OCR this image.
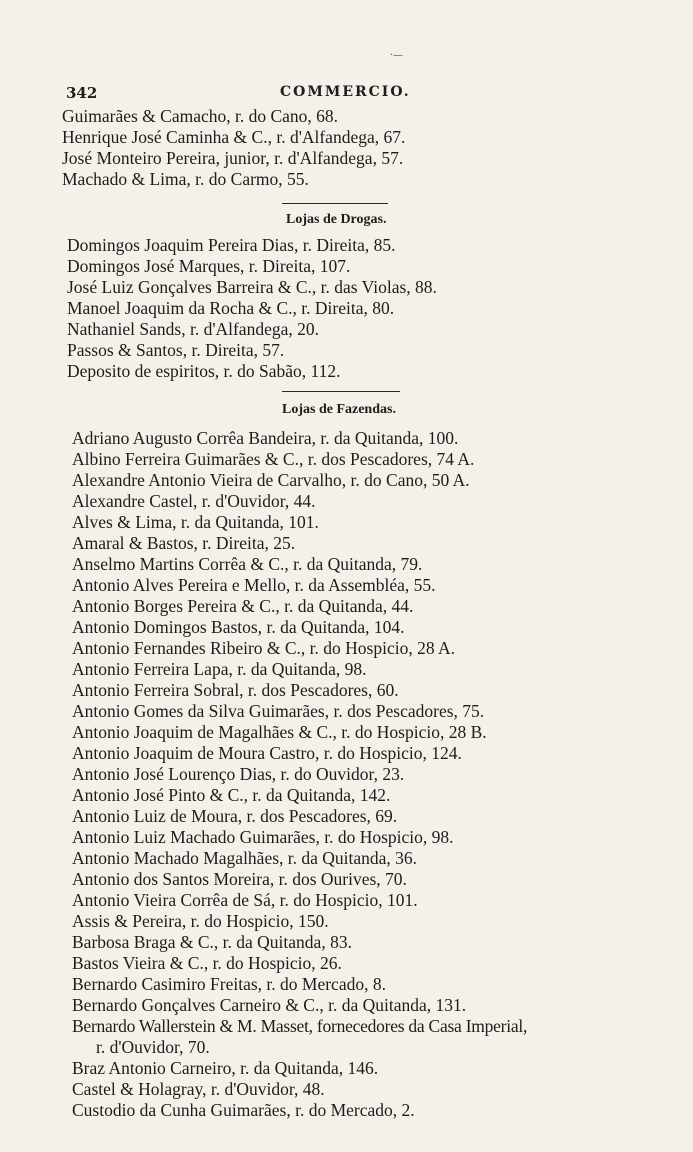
·—
342	COMMERCIO.
Guimarães & Camacho, r. do Cano, 68.
Henrique José Caminha & C., r. d'Alfandega, 67.
José Monteiro Pereira, junior, r. d'Alfandega, 57.
Machado & Lima, r. do Carmo, 55.
Lojas de Drogas.
Domingos Joaquim Pereira Dias, r. Direita, 85.
Domingos José Marques, r. Direita, 107.
José Luiz Gonçalves Barreira & C., r. das Violas, 88.
Manoel Joaquim da Rocha & C., r. Direita, 80.
Nathaniel Sands, r. d'Alfandega, 20.
Passos & Santos, r. Direita, 57.
Deposito de espiritos, r. do Sabão, 112.
Lojas de Fazendas.
Adriano Augusto Corrêa Bandeira, r. da Quitanda, 100.
Albino Ferreira Guimarães & C., r. dos Pescadores, 74 A.
Alexandre Antonio Vieira de Carvalho, r. do Cano, 50 A.
Alexandre Castel, r. d'Ouvidor, 44.
Alves & Lima, r. da Quitanda, 101.
Amaral & Bastos, r. Direita, 25.
Anselmo Martins Corrêa & C., r. da Quitanda, 79.
Antonio Alves Pereira e Mello, r. da Assembléa, 55.
Antonio Borges Pereira & C., r. da Quitanda, 44.
Antonio Domingos Bastos, r. da Quitanda, 104.
Antonio Fernandes Ribeiro & C., r. do Hospicio, 28 A.
Antonio Ferreira Lapa, r. da Quitanda, 98.
Antonio Ferreira Sobral, r. dos Pescadores, 60.
Antonio Gomes da Silva Guimarães, r. dos Pescadores, 75.
Antonio Joaquim de Magalhães & C., r. do Hospicio, 28 B.
Antonio Joaquim de Moura Castro, r. do Hospicio, 124.
Antonio José Lourenço Dias, r. do Ouvidor, 23.
Antonio José Pinto & C., r. da Quitanda, 142.
Antonio Luiz de Moura, r. dos Pescadores, 69.
Antonio Luiz Machado Guimarães, r. do Hospicio, 98.
Antonio Machado Magalhães, r. da Quitanda, 36.
Antonio dos Santos Moreira, r. dos Ourives, 70.
Antonio Vieira Corrêa de Sá, r. do Hospicio, 101.
Assis & Pereira, r. do Hospicio, 150.
Barbosa Braga & C., r. da Quitanda, 83.
Bastos Vieira & C., r. do Hospicio, 26.
Bernardo Casimiro Freitas, r. do Mercado, 8.
Bernardo Gonçalves Carneiro & C., r. da Quitanda, 131.
Bernardo Wallerstein & M. Masset, fornecedores da Casa Imperial,
r. d'Ouvidor, 70.
Braz Antonio Carneiro, r. da Quitanda, 146.
Castel & Holagray, r. d'Ouvidor, 48.
Custodio da Cunha Guimarães, r. do Mercado, 2.
